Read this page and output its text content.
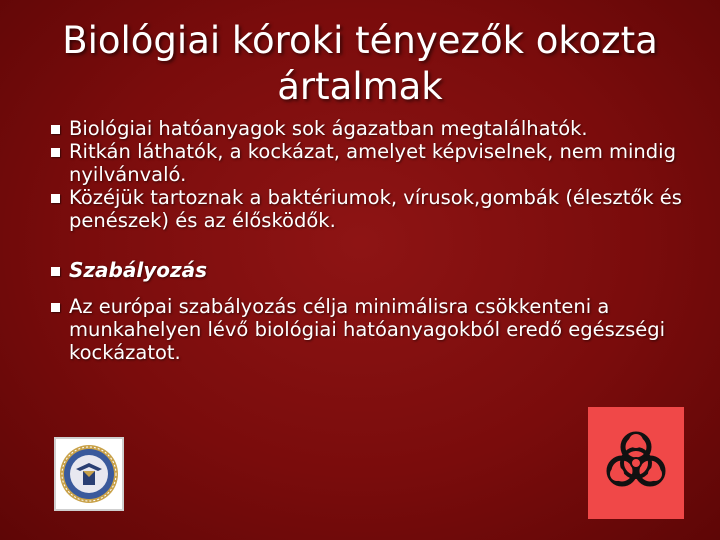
Biológiai kóroki tényezők okozta ártalmak
Biológiai hatóanyagok sok ágazatban megtalálhatók.
Ritkán láthatók, a kockázat, amelyet képviselnek, nem mindig nyilvánvaló.
Közéjük tartoznak a baktériumok, vírusok,gombák (élesztők és penészek) és az élősködők.
Szabályozás
Az európai szabályozás célja minimálisra csökkenteni a munkahelyen lévő biológiai hatóanyagokból eredő egészségi kockázatot.
